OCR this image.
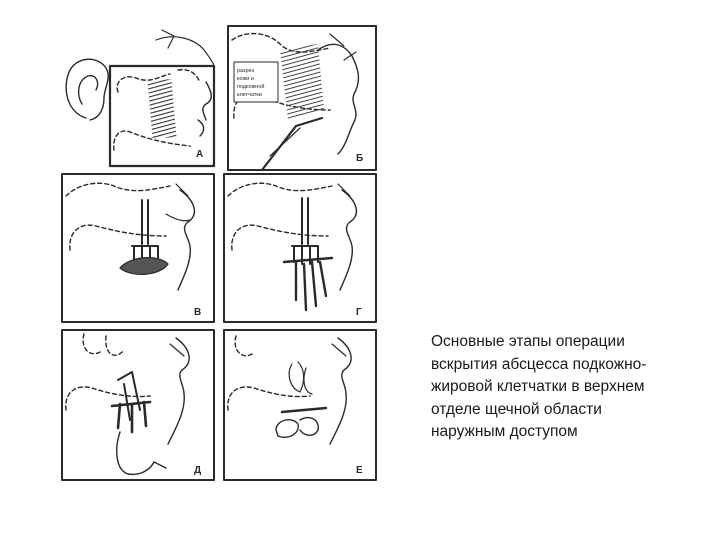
А
разрез
кожи и
подкожной
клетчатки
Б
В	Г
Д	Е
Основные этапы операции
вскрытия абсцесса подкожно-
жировой клетчатки в верхнем
отделе щечной области
наружным доступом
